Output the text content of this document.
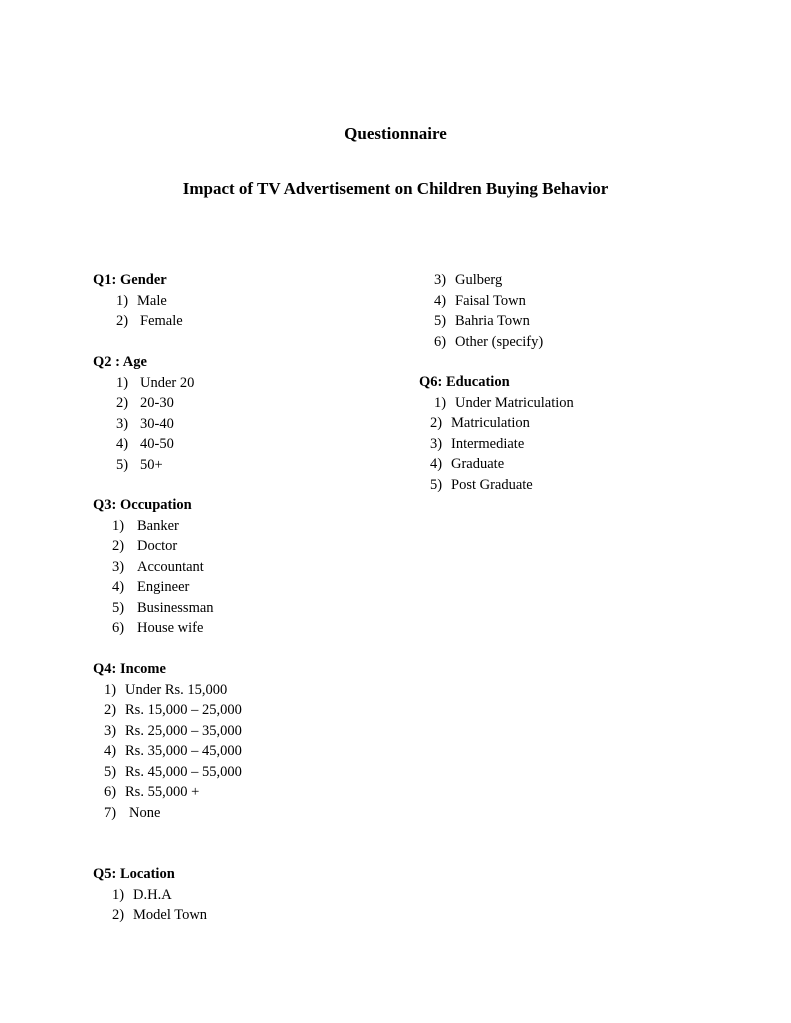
Questionnaire
Impact of TV Advertisement on Children Buying Behavior
Q1: Gender
1) Male
2) Female
Q2 : Age
1) Under 20
2) 20-30
3) 30-40
4) 40-50
5) 50+
Q3: Occupation
1) Banker
2) Doctor
3) Accountant
4) Engineer
5) Businessman
6) House wife
Q4: Income
1) Under Rs. 15,000
2) Rs. 15,000 – 25,000
3) Rs. 25,000 – 35,000
4) Rs. 35,000 – 45,000
5) Rs. 45,000 – 55,000
6) Rs. 55,000 +
7) None
Q5: Location
1) D.H.A
2) Model Town
3) Gulberg
4) Faisal Town
5) Bahria Town
6) Other (specify)
Q6: Education
1) Under Matriculation
2) Matriculation
3) Intermediate
4) Graduate
5) Post Graduate
